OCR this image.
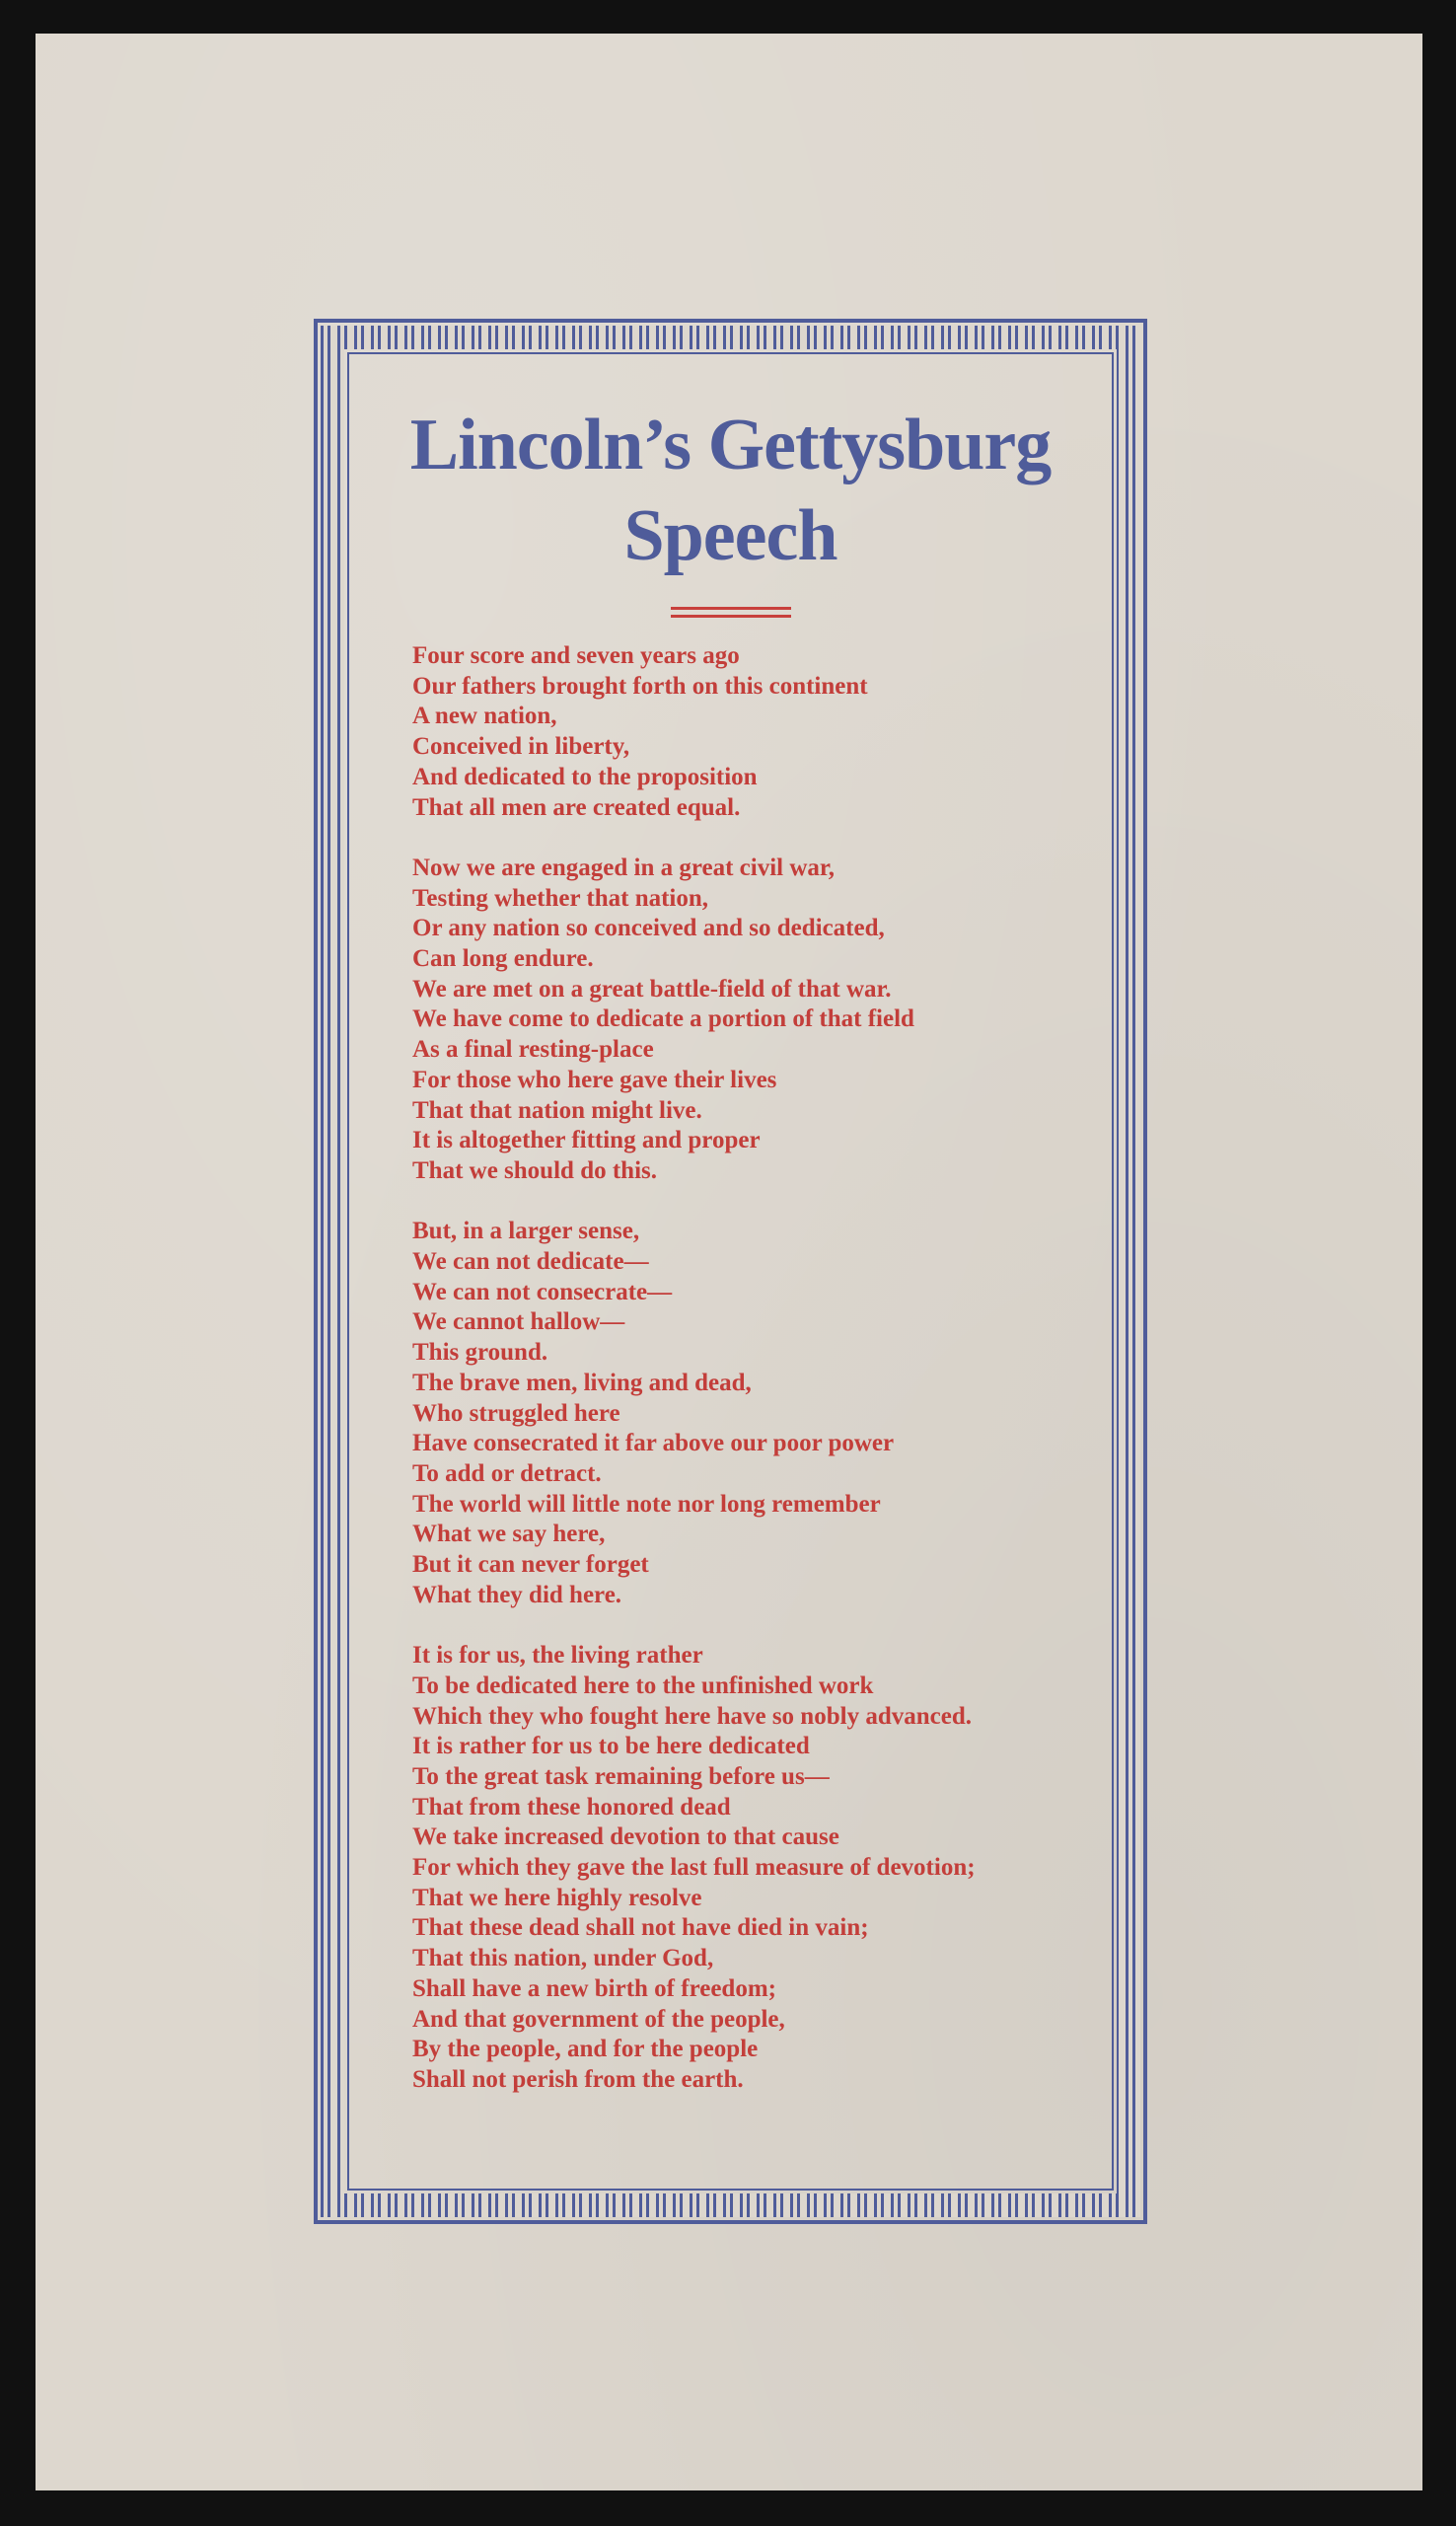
Lincoln’s Gettysburg
Speech
Four score and seven years ago
Our fathers brought forth on this continent
A new nation,
Conceived in liberty,
And dedicated to the proposition
That all men are created equal.
Now we are engaged in a great civil war,
Testing whether that nation,
Or any nation so conceived and so dedicated,
Can long endure.
We are met on a great battle-field of that war.
We have come to dedicate a portion of that field
As a final resting-place
For those who here gave their lives
That that nation might live.
It is altogether fitting and proper
That we should do this.
But, in a larger sense,
We can not dedicate—
We can not consecrate—
We cannot hallow—
This ground.
The brave men, living and dead,
Who struggled here
Have consecrated it far above our poor power
To add or detract.
The world will little note nor long remember
What we say here,
But it can never forget
What they did here.
It is for us, the living rather
To be dedicated here to the unfinished work
Which they who fought here have so nobly advanced.
It is rather for us to be here dedicated
To the great task remaining before us—
That from these honored dead
We take increased devotion to that cause
For which they gave the last full measure of devotion;
That we here highly resolve
That these dead shall not have died in vain;
That this nation, under God,
Shall have a new birth of freedom;
And that government of the people,
By the people, and for the people
Shall not perish from the earth.
